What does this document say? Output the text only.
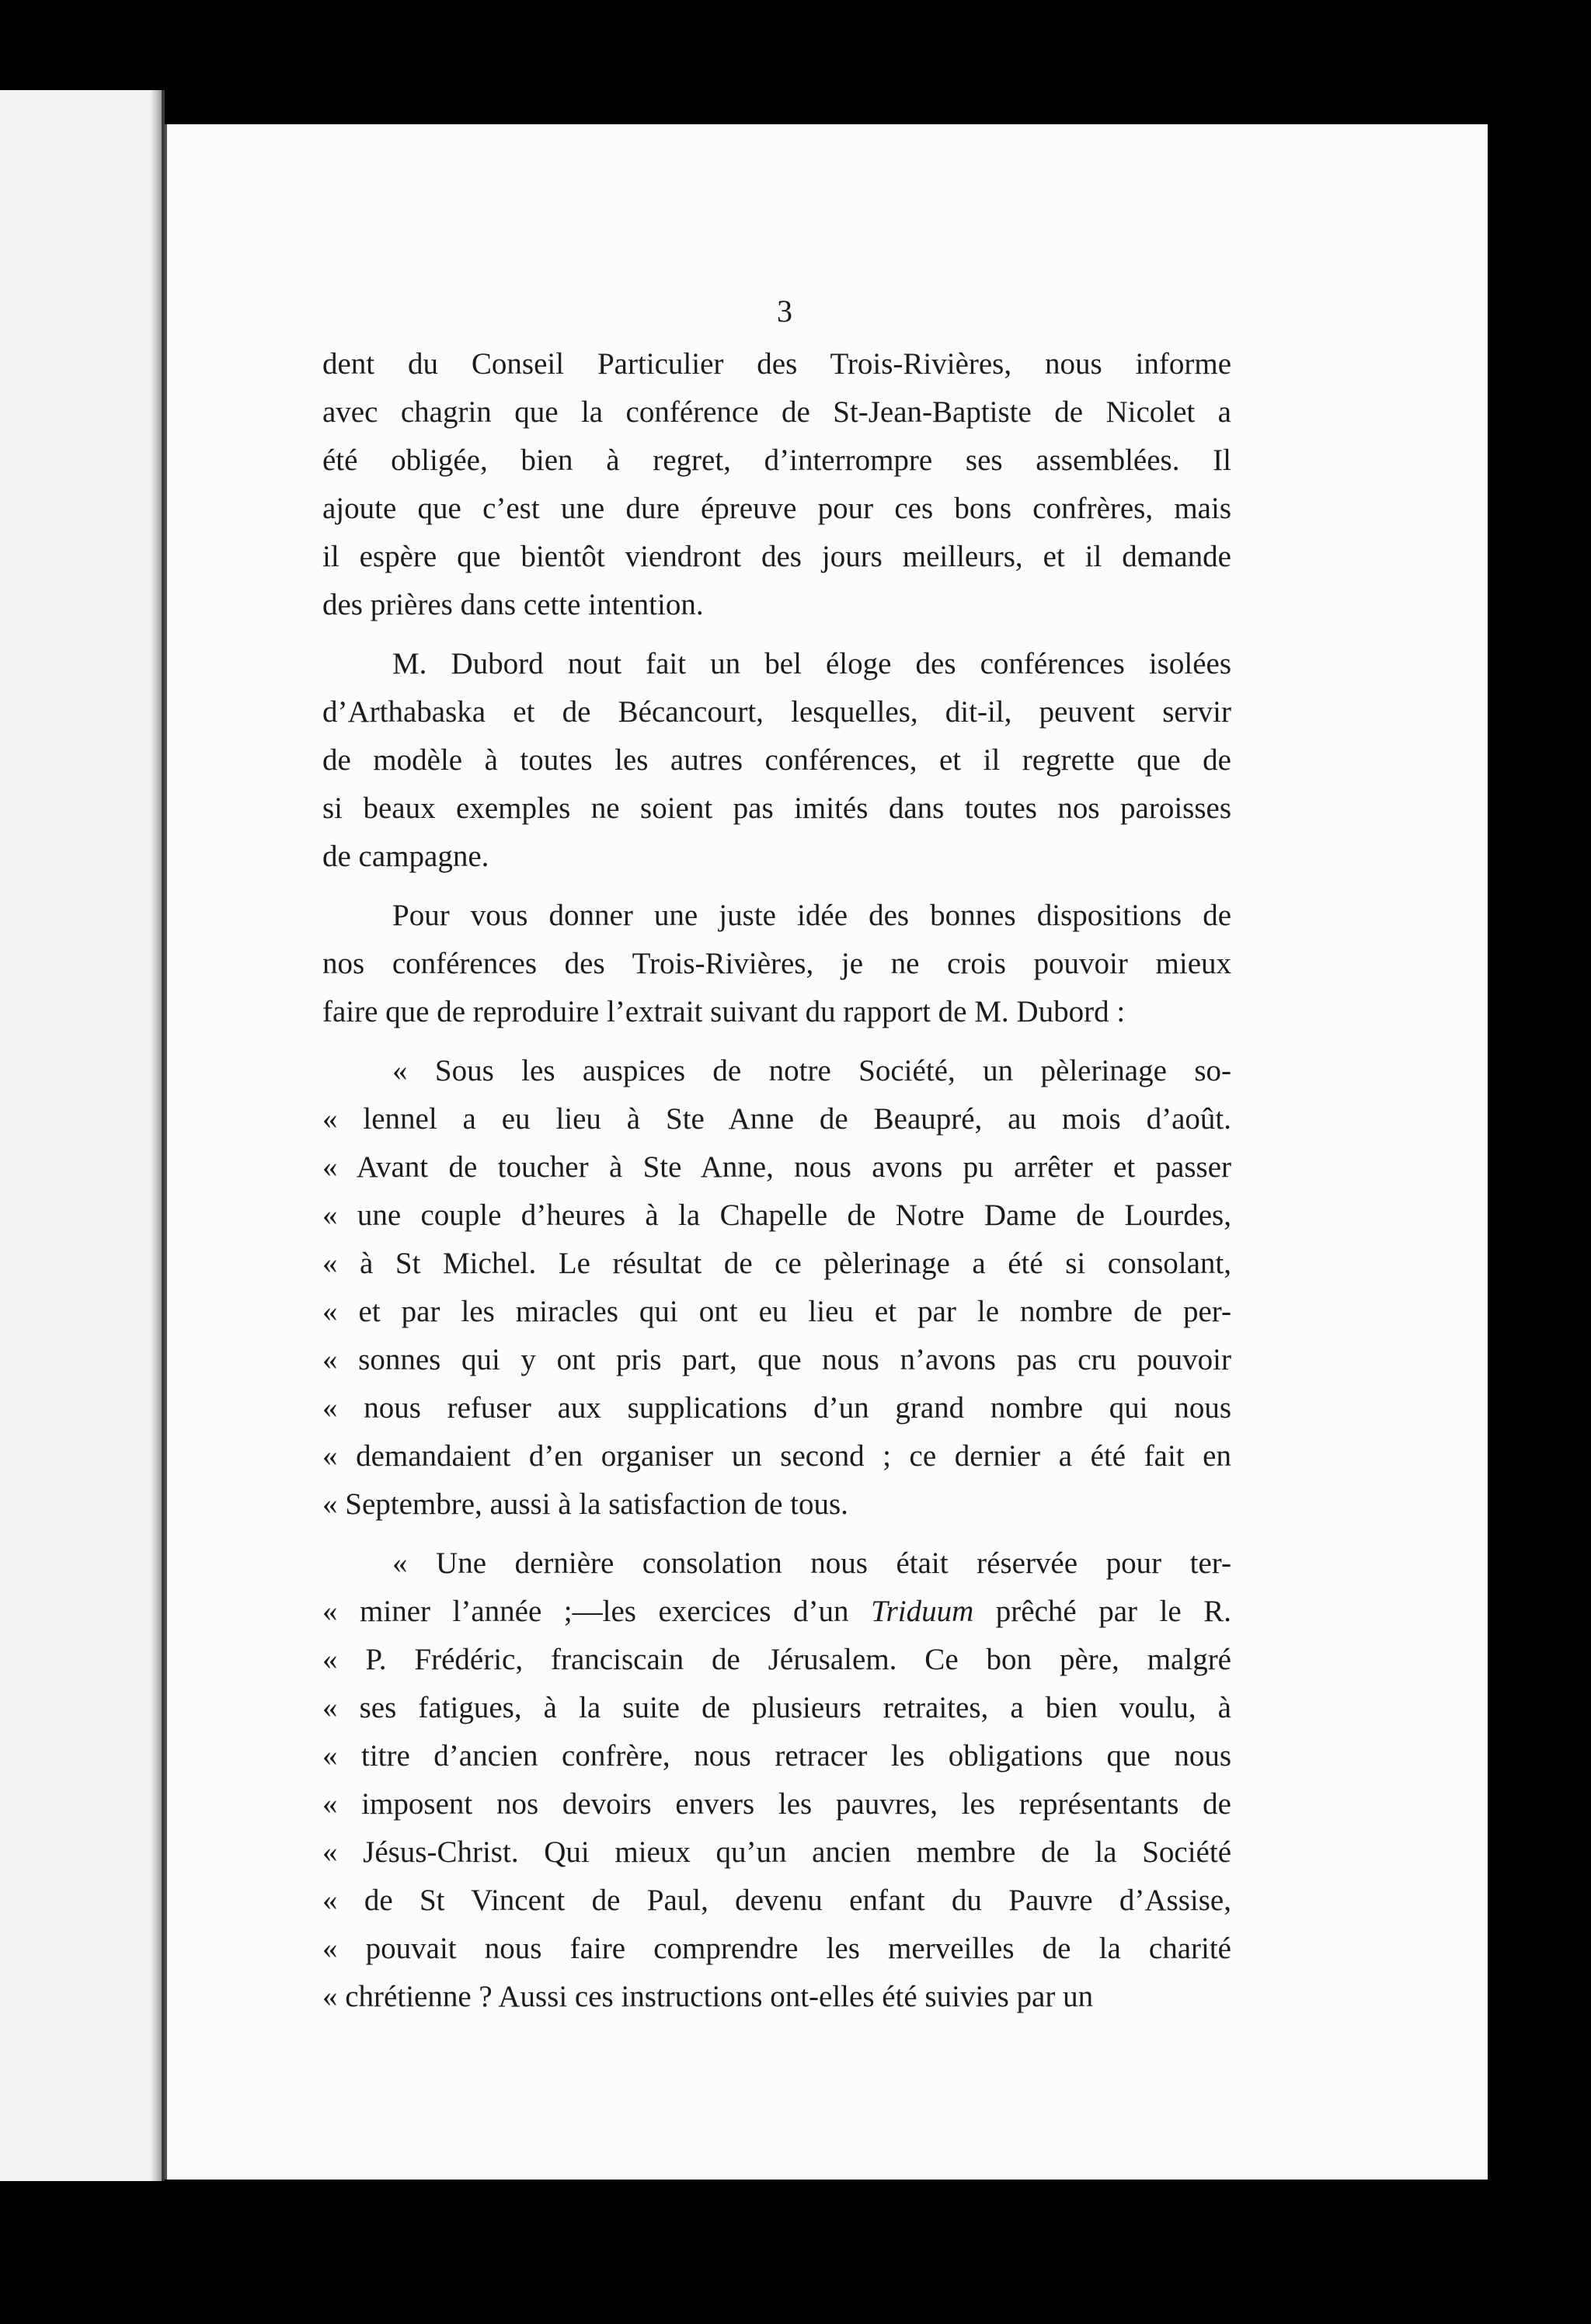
3
dent du Conseil Particulier des Trois-Rivières, nous informe
avec chagrin que la conférence de St-Jean-Baptiste de Nicolet a
été obligée, bien à regret, d’interrompre ses assemblées. Il
ajoute que c’est une dure épreuve pour ces bons confrères, mais
il espère que bientôt viendront des jours meilleurs, et il demande
des prières dans cette intention.
M. Dubord nout fait un bel éloge des conférences isolées
d’Arthabaska et de Bécancourt, lesquelles, dit-il, peuvent servir
de modèle à toutes les autres conférences, et il regrette que de
si beaux exemples ne soient pas imités dans toutes nos paroisses
de campagne.
Pour vous donner une juste idée des bonnes dispositions de
nos conférences des Trois-Rivières, je ne crois pouvoir mieux
faire que de reproduire l’extrait suivant du rapport de M. Dubord :
« Sous les auspices de notre Société, un pèlerinage so-
« lennel a eu lieu à Ste Anne de Beaupré, au mois d’août.
« Avant de toucher à Ste Anne, nous avons pu arrêter et passer
« une couple d’heures à la Chapelle de Notre Dame de Lourdes,
« à St Michel. Le résultat de ce pèlerinage a été si consolant,
« et par les miracles qui ont eu lieu et par le nombre de per-
« sonnes qui y ont pris part, que nous n’avons pas cru pouvoir
« nous refuser aux supplications d’un grand nombre qui nous
« demandaient d’en organiser un second ; ce dernier a été fait en
« Septembre, aussi à la satisfaction de tous.
« Une dernière consolation nous était réservée pour ter-
« miner l’année ;—les exercices d’un Triduum prêché par le R.
« P. Frédéric, franciscain de Jérusalem. Ce bon père, malgré
« ses fatigues, à la suite de plusieurs retraites, a bien voulu, à
« titre d’ancien confrère, nous retracer les obligations que nous
« imposent nos devoirs envers les pauvres, les représentants de
« Jésus-Christ. Qui mieux qu’un ancien membre de la Société
« de St Vincent de Paul, devenu enfant du Pauvre d’Assise,
« pouvait nous faire comprendre les merveilles de la charité
« chrétienne ? Aussi ces instructions ont-elles été suivies par un
